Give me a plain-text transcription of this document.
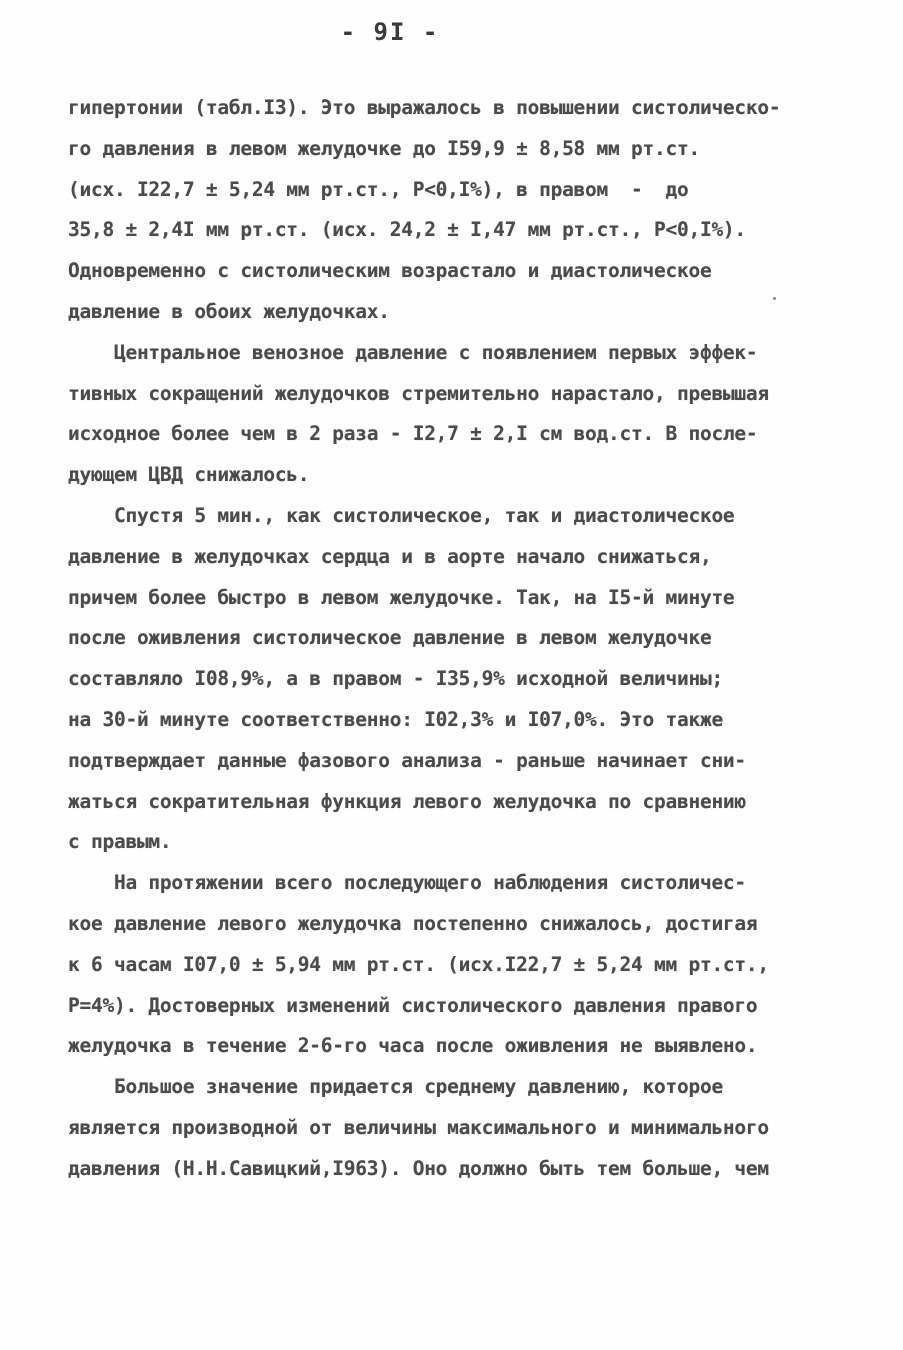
- 9I -
гипертонии (табл.I3). Это выражалось в повышении систолическо-
го давления в левом желудочке до I59,9 ± 8,58 мм рт.ст.
(исх. I22,7 ± 5,24 мм рт.ст., Р<0,I%), в правом  -  до
35,8 ± 2,4I мм рт.ст. (исх. 24,2 ± I,47 мм рт.ст., Р<0,I%).
Одновременно с систолическим возрастало и диастолическое
давление в обоих желудочках.
Центральное венозное давление с появлением первых эффек-
тивных сокращений желудочков стремительно нарастало, превышая
исходное более чем в 2 раза - I2,7 ± 2,I см вод.ст. В после-
дующем ЦВД снижалось.
Спустя 5 мин., как систолическое, так и диастолическое
давление в желудочках сердца и в аорте начало снижаться,
причем более быстро в левом желудочке. Так, на I5-й минуте
после оживления систолическое давление в левом желудочке
составляло I08,9%, а в правом - I35,9% исходной величины;
на 30-й минуте соответственно: I02,3% и I07,0%. Это также
подтверждает данные фазового анализа - раньше начинает сни-
жаться сократительная функция левого желудочка по сравнению
с правым.
На протяжении всего последующего наблюдения систоличес-
кое давление левого желудочка постепенно снижалось, достигая
к 6 часам I07,0 ± 5,94 мм рт.ст. (исх.I22,7 ± 5,24 мм рт.ст.,
Р=4%). Достоверных изменений систолического давления правого
желудочка в течение 2-6-го часа после оживления не выявлено.
Большое значение придается среднему давлению, которое
является производной от величины максимального и минимального
давления (Н.Н.Савицкий,I963). Оно должно быть тем больше, чем
